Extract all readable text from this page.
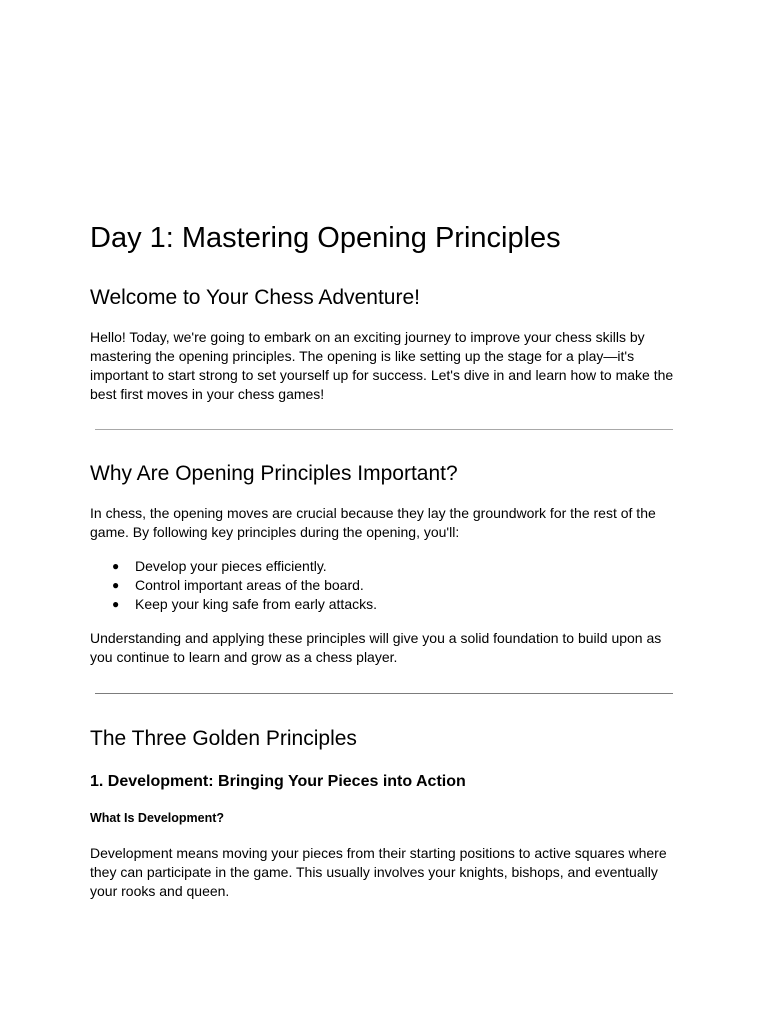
Day 1: Mastering Opening Principles
Welcome to Your Chess Adventure!

Hello! Today, we're going to embark on an exciting journey to improve your chess skills by mastering the opening principles. The opening is like setting up the stage for a play—it's important to start strong to set yourself up for success. Let's dive in and learn how to make the best first moves in your chess games!

Why Are Opening Principles Important?

In chess, the opening moves are crucial because they lay the groundwork for the rest of the game. By following key principles during the opening, you'll:

● Develop your pieces efficiently.
● Control important areas of the board.
● Keep your king safe from early attacks.

Understanding and applying these principles will give you a solid foundation to build upon as you continue to learn and grow as a chess player.

The Three Golden Principles
1. Development: Bringing Your Pieces into Action
What Is Development?

Development means moving your pieces from their starting positions to active squares where they can participate in the game. This usually involves your knights, bishops, and eventually your rooks and queen.
